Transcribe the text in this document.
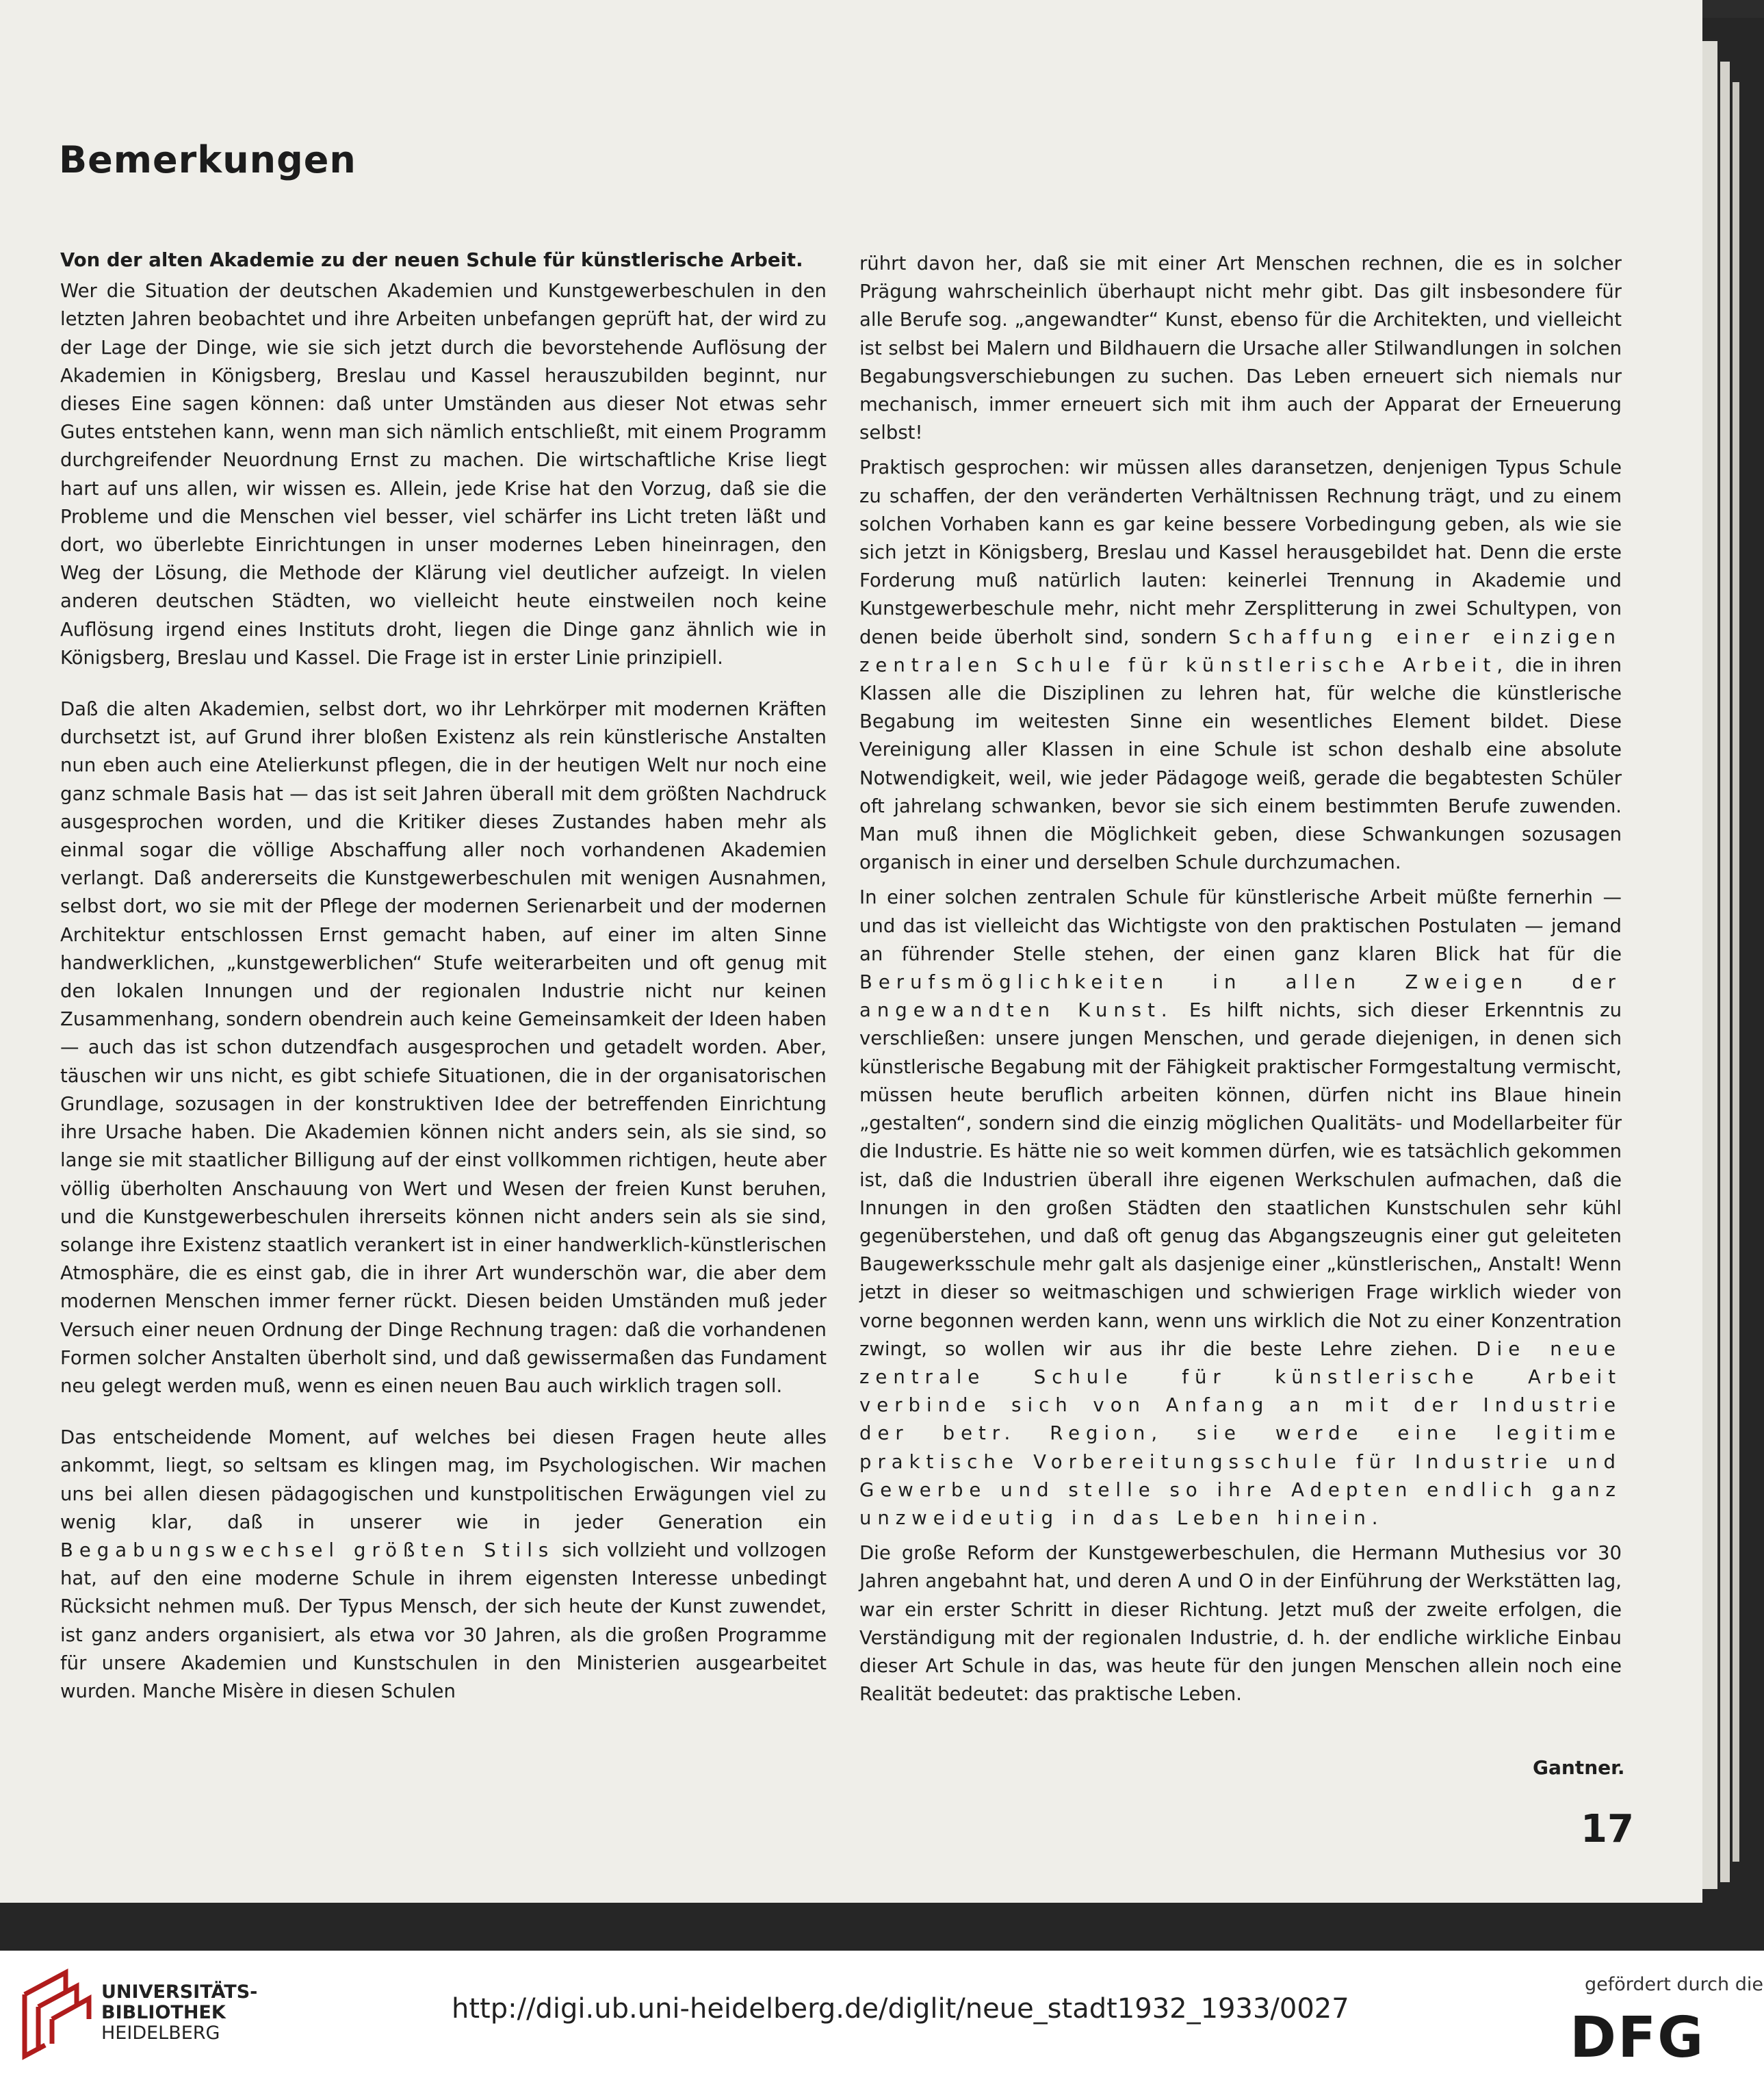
Bemerkungen

Von der alten Akademie zu der neuen Schule für künstlerische Arbeit.

Wer die Situation der deutschen Akademien und Kunstgewerbeschulen in den letzten Jahren beobachtet und ihre Arbeiten unbefangen geprüft hat, der wird zu der Lage der Dinge, wie sie sich jetzt durch die bevorstehende Auflösung der Akademien in Königsberg, Breslau und Kassel herauszubilden beginnt, nur dieses Eine sagen können: daß unter Umständen aus dieser Not etwas sehr Gutes entstehen kann, wenn man sich nämlich entschließt, mit einem Programm durchgreifender Neuordnung Ernst zu machen. Die wirtschaftliche Krise liegt hart auf uns allen, wir wissen es. Allein, jede Krise hat den Vorzug, daß sie die Probleme und die Menschen viel besser, viel schärfer ins Licht treten läßt und dort, wo überlebte Einrichtungen in unser modernes Leben hineinragen, den Weg der Lösung, die Methode der Klärung viel deutlicher aufzeigt. In vielen anderen deutschen Städten, wo vielleicht heute einstweilen noch keine Auflösung irgend eines Instituts droht, liegen die Dinge ganz ähnlich wie in Königsberg, Breslau und Kassel. Die Frage ist in erster Linie prinzipiell.

Daß die alten Akademien, selbst dort, wo ihr Lehrkörper mit modernen Kräften durchsetzt ist, auf Grund ihrer bloßen Existenz als rein künstlerische Anstalten nun eben auch eine Atelierkunst pflegen, die in der heutigen Welt nur noch eine ganz schmale Basis hat — das ist seit Jahren überall mit dem größten Nachdruck ausgesprochen worden, und die Kritiker dieses Zustandes haben mehr als einmal sogar die völlige Abschaffung aller noch vorhandenen Akademien verlangt. Daß andererseits die Kunstgewerbeschulen mit wenigen Ausnahmen, selbst dort, wo sie mit der Pflege der modernen Serienarbeit und der modernen Architektur entschlossen Ernst gemacht haben, auf einer im alten Sinne handwerklichen, „kunstgewerblichen“ Stufe weiterarbeiten und oft genug mit den lokalen Innungen und der regionalen Industrie nicht nur keinen Zusammenhang, sondern obendrein auch keine Gemeinsamkeit der Ideen haben — auch das ist schon dutzendfach ausgesprochen und getadelt worden. Aber, täuschen wir uns nicht, es gibt schiefe Situationen, die in der organisatorischen Grundlage, sozusagen in der konstruktiven Idee der betreffenden Einrichtung ihre Ursache haben. Die Akademien können nicht anders sein, als sie sind, so lange sie mit staatlicher Billigung auf der einst vollkommen richtigen, heute aber völlig überholten Anschauung von Wert und Wesen der freien Kunst beruhen, und die Kunstgewerbeschulen ihrerseits können nicht anders sein als sie sind, solange ihre Existenz staatlich verankert ist in einer handwerklich-künstlerischen Atmosphäre, die es einst gab, die in ihrer Art wunderschön war, die aber dem modernen Menschen immer ferner rückt. Diesen beiden Umständen muß jeder Versuch einer neuen Ordnung der Dinge Rechnung tragen: daß die vorhandenen Formen solcher Anstalten überholt sind, und daß gewissermaßen das Fundament neu gelegt werden muß, wenn es einen neuen Bau auch wirklich tragen soll.

Das entscheidende Moment, auf welches bei diesen Fragen heute alles ankommt, liegt, so seltsam es klingen mag, im Psychologischen. Wir machen uns bei allen diesen pädagogischen und kunstpolitischen Erwägungen viel zu wenig klar, daß in unserer wie in jeder Generation ein Begabungswechsel größten Stils sich vollzieht und vollzogen hat, auf den eine moderne Schule in ihrem eigensten Interesse unbedingt Rücksicht nehmen muß. Der Typus Mensch, der sich heute der Kunst zuwendet, ist ganz anders organisiert, als etwa vor 30 Jahren, als die großen Programme für unsere Akademien und Kunstschulen in den Ministerien ausgearbeitet wurden. Manche Misère in diesen Schulen

rührt davon her, daß sie mit einer Art Menschen rechnen, die es in solcher Prägung wahrscheinlich überhaupt nicht mehr gibt. Das gilt insbesondere für alle Berufe sog. „angewandter“ Kunst, ebenso für die Architekten, und vielleicht ist selbst bei Malern und Bildhauern die Ursache aller Stilwandlungen in solchen Begabungsverschiebungen zu suchen. Das Leben erneuert sich niemals nur mechanisch, immer erneuert sich mit ihm auch der Apparat der Erneuerung selbst!

Praktisch gesprochen: wir müssen alles daransetzen, denjenigen Typus Schule zu schaffen, der den veränderten Verhältnissen Rechnung trägt, und zu einem solchen Vorhaben kann es gar keine bessere Vorbedingung geben, als wie sie sich jetzt in Königsberg, Breslau und Kassel herausgebildet hat. Denn die erste Forderung muß natürlich lauten: keinerlei Trennung in Akademie und Kunstgewerbeschule mehr, nicht mehr Zersplitterung in zwei Schultypen, von denen beide überholt sind, sondern Schaffung einer einzigen zentralen Schule für künstlerische Arbeit, die in ihren Klassen alle die Disziplinen zu lehren hat, für welche die künstlerische Begabung im weitesten Sinne ein wesentliches Element bildet. Diese Vereinigung aller Klassen in eine Schule ist schon deshalb eine absolute Notwendigkeit, weil, wie jeder Pädagoge weiß, gerade die begabtesten Schüler oft jahrelang schwanken, bevor sie sich einem bestimmten Berufe zuwenden. Man muß ihnen die Möglichkeit geben, diese Schwankungen sozusagen organisch in einer und derselben Schule durchzumachen.

In einer solchen zentralen Schule für künstlerische Arbeit müßte fernerhin — und das ist vielleicht das Wichtigste von den praktischen Postulaten — jemand an führender Stelle stehen, der einen ganz klaren Blick hat für die Berufsmöglichkeiten in allen Zweigen der angewandten Kunst. Es hilft nichts, sich dieser Erkenntnis zu verschließen: unsere jungen Menschen, und gerade diejenigen, in denen sich künstlerische Begabung mit der Fähigkeit praktischer Formgestaltung vermischt, müssen heute beruflich arbeiten können, dürfen nicht ins Blaue hinein „gestalten“, sondern sind die einzig möglichen Qualitäts- und Modellarbeiter für die Industrie. Es hätte nie so weit kommen dürfen, wie es tatsächlich gekommen ist, daß die Industrien überall ihre eigenen Werkschulen aufmachen, daß die Innungen in den großen Städten den staatlichen Kunstschulen sehr kühl gegenüberstehen, und daß oft genug das Abgangszeugnis einer gut geleiteten Baugewerksschule mehr galt als dasjenige einer „künstlerischen„ Anstalt! Wenn jetzt in dieser so weitmaschigen und schwierigen Frage wirklich wieder von vorne begonnen werden kann, wenn uns wirklich die Not zu einer Konzentration zwingt, so wollen wir aus ihr die beste Lehre ziehen. Die neue zentrale Schule für künstlerische Arbeit verbinde sich von Anfang an mit der Industrie der betr. Region, sie werde eine legitime praktische Vorbereitungsschule für Industrie und Gewerbe und stelle so ihre Adepten endlich ganz unzweideutig in das Leben hinein.

Die große Reform der Kunstgewerbeschulen, die Hermann Muthesius vor 30 Jahren angebahnt hat, und deren A und O in der Einführung der Werkstätten lag, war ein erster Schritt in dieser Richtung. Jetzt muß der zweite erfolgen, die Verständigung mit der regionalen Industrie, d. h. der endliche wirkliche Einbau dieser Art Schule in das, was heute für den jungen Menschen allein noch eine Realität bedeutet: das praktische Leben.

Gantner.
17
UNIVERSITÄTS-
BIBLIOTHEK
HEIDELBERG
http://digi.ub.uni-heidelberg.de/diglit/neue_stadt1932_1933/0027
gefördert durch die
DFG
